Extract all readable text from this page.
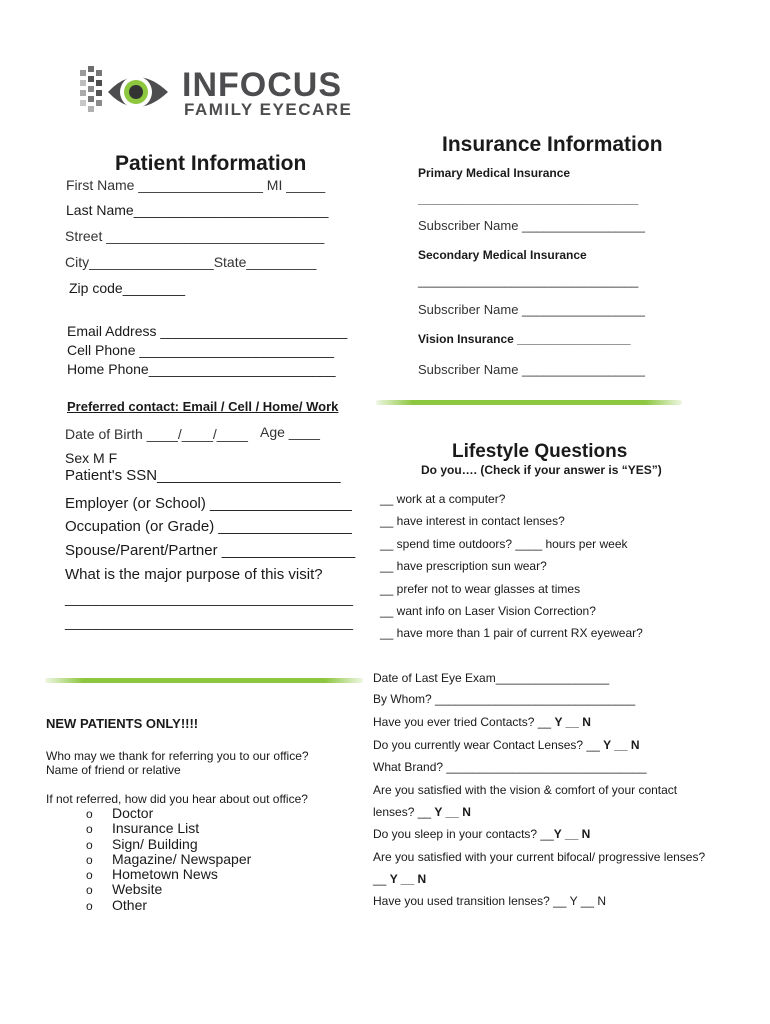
INFOCUS
FAMILY EYECARE
Patient Information
First Name ________________ MI _____
Last Name_________________________
Street ____________________________
City________________State_________
Zip code________
Email Address ________________________
Cell Phone _________________________
Home Phone________________________
Preferred contact: Email / Cell / Home/ Work
Date of Birth ____/____/____ Age ____
Sex M F
Patient's SSN______________________
Employer (or School) _________________
Occupation (or Grade) ________________
Spouse/Parent/Partner ________________
What is the major purpose of this visit?
_____________________________________
_____________________________________
NEW PATIENTS ONLY!!!!
Who may we thank for referring you to our office?
Name of friend or relative
If not referred, how did you hear about out office?
o Doctor
o Insurance List
o Sign/ Building
o Magazine/ Newspaper
o Hometown News
o Website
o Other
Insurance Information
Primary Medical Insurance
_________________________________
Subscriber Name _________________
Secondary Medical Insurance
_________________________________
Subscriber Name _________________
Vision Insurance _________________
Subscriber Name _________________
Lifestyle Questions
Do you…. (Check if your answer is “YES”)
__ work at a computer?
__ have interest in contact lenses?
__ spend time outdoors? ____ hours per week
__ have prescription sun wear?
__ prefer not to wear glasses at times
__ want info on Laser Vision Correction?
__ have more than 1 pair of current RX eyewear?
Date of Last Eye Exam_________________
By Whom? ______________________________
Have you ever tried Contacts? __ Y __ N
Do you currently wear Contact Lenses? __ Y __ N
What Brand? ______________________________
Are you satisfied with the vision & comfort of your contact
lenses? __ Y __ N
Do you sleep in your contacts? __Y __ N
Are you satisfied with your current bifocal/ progressive lenses?
__ Y __ N
Have you used transition lenses? __ Y __ N
